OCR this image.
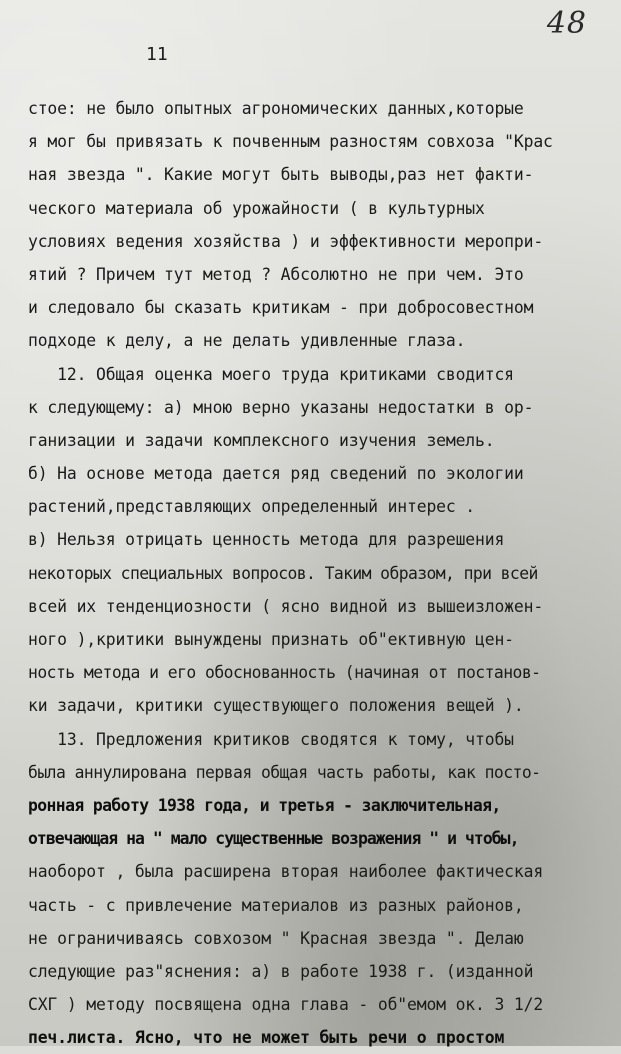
48
11
стое: не было опытных агрономических данных,которые
я мог бы привязать к почвенным разностям совхоза "Крас
ная звезда ". Какие могут быть выводы,раз нет факти-
ческого материала об урожайности ( в культурных
условиях ведения хозяйства ) и эффективности меропри-
ятий ? Причем тут метод ? Абсолютно не при чем. Это
и следовало бы сказать критикам - при добросовестном
подходе к делу, а не делать удивленные глаза.
12. Общая оценка моего труда критиками сводится
к следующему: а) мною верно указаны недостатки в ор-
ганизации и задачи комплексного изучения земель.
б) На основе метода дается ряд сведений по экологии
растений,представляющих определенный интерес .
в) Нельзя отрицать ценность метода для разрешения
некоторых специальных вопросов. Таким образом, при всей
всей их тенденциозности ( ясно видной из вышеизложен-
ного ),критики вынуждены признать об"ективную цен-
ность метода и его обоснованность (начиная от постанов-
ки задачи, критики существующего положения вещей ).
13. Предложения критиков сводятся к тому, чтобы
была аннулирована первая общая часть работы, как посто-
ронная работу 1938 года, и третья - заключительная,
отвечающая на " мало существенные возражения " и чтобы,
наоборот , была расширена вторая наиболее фактическая
часть - с привлечение материалов из разных районов,
не ограничиваясь совхозом " Красная звезда ". Делаю
следующие раз"яснения: а) в работе 1938 г. (изданной
СХГ ) методу посвящена одна глава - об"емом ок. 3 1/2
печ.листа. Ясно, что не может быть речи о простом
